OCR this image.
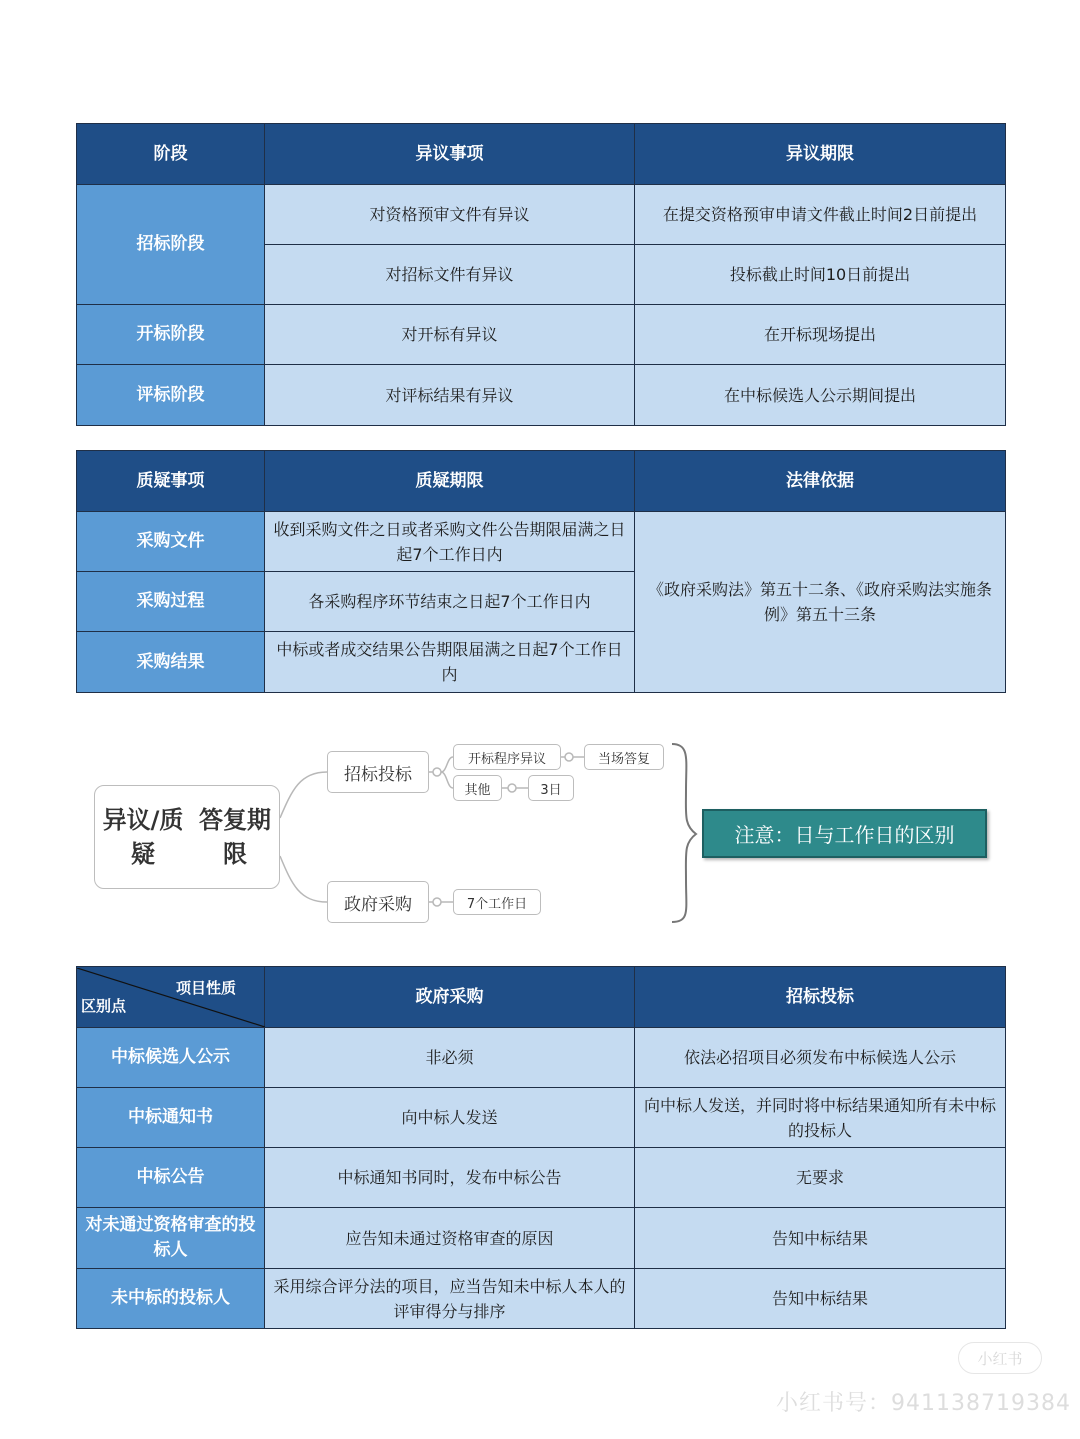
阶段	异议事项	异议期限
招标阶段	对资格预审文件有异议	在提交资格预审申请文件截止时间2日前提出
	对招标文件有异议	投标截止时间10日前提出
开标阶段	对开标有异议	在开标现场提出
评标阶段	对评标结果有异议	在中标候选人公示期间提出
质疑事项	质疑期限	法律依据
采购文件	收到采购文件之日或者采购文件公告期限届满之日起7个工作日内	《政府采购法》第五十二条、《政府采购法实施条例》第五十三条
采购过程	各采购程序环节结束之日起7个工作日内	
采购结果	中标或者成交结果公告期限届满之日起7个工作日内	
异议/质疑
答复期限
招标投标
开标程序异议	当场答复
其他	3日
政府采购	7个工作日
注意：日与工作日的区别
项目性质
区别点	政府采购	招标投标
中标候选人公示	非必须	依法必招项目必须发布中标候选人公示
中标通知书	向中标人发送	向中标人发送，并同时将中标结果通知所有未中标的投标人
中标公告	中标通知书同时，发布中标公告	无要求
对未通过资格审查的投标人	应告知未通过资格审查的原因	告知中标结果
未中标的投标人	采用综合评分法的项目，应当告知未中标人本人的评审得分与排序	告知中标结果
小红书
小红书号：9411387193​84
